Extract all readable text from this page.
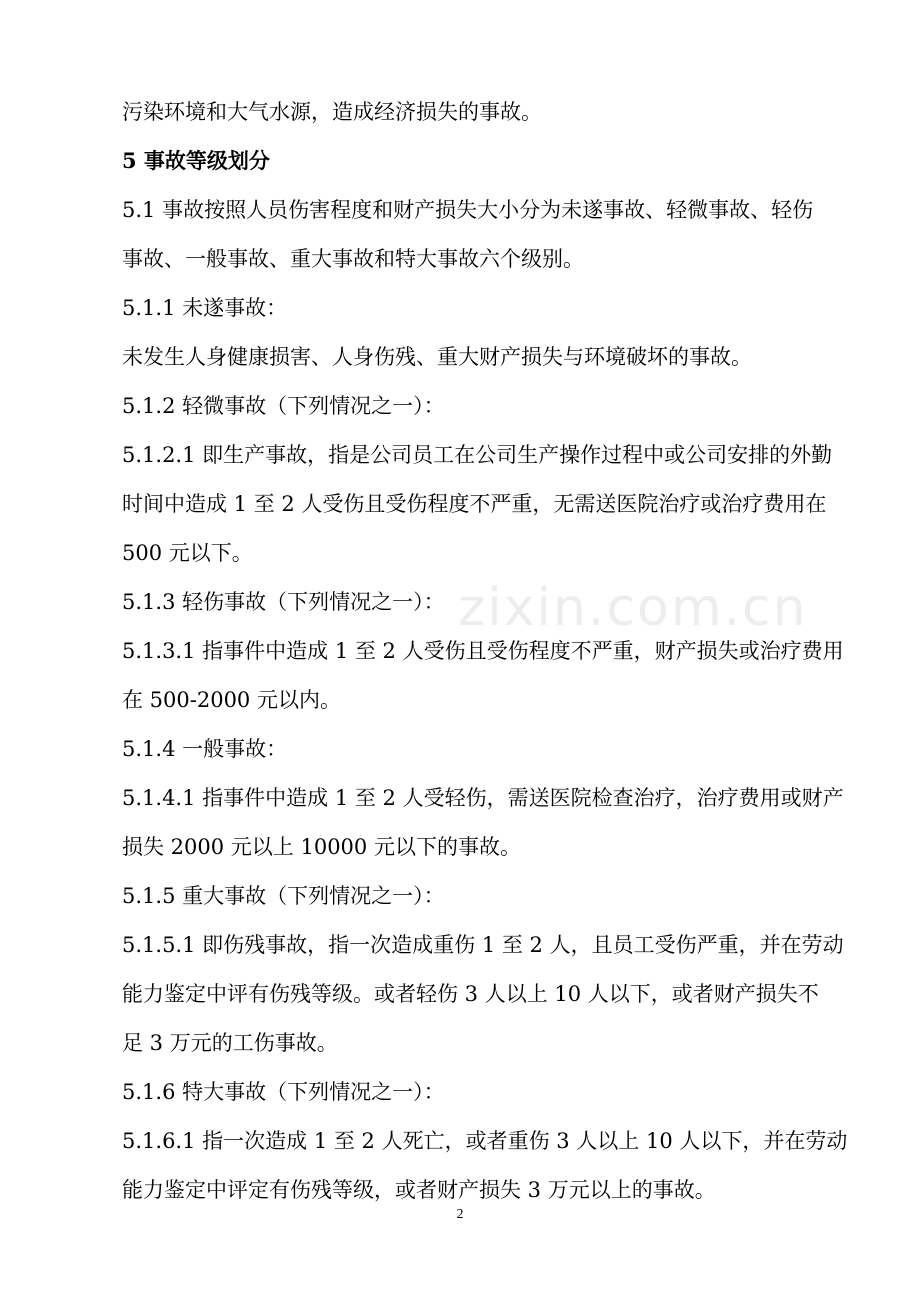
zixin.com.cn
污染环境和大气水源，造成经济损失的事故。
5 事故等级划分
5.1 事故按照人员伤害程度和财产损失大小分为未遂事故、轻微事故、轻伤
事故、一般事故、重大事故和特大事故六个级别。
5.1.1 未遂事故：
未发生人身健康损害、人身伤残、重大财产损失与环境破坏的事故。
5.1.2 轻微事故（下列情况之一）：
5.1.2.1 即生产事故，指是公司员工在公司生产操作过程中或公司安排的外勤
时间中造成 1 至 2 人受伤且受伤程度不严重，无需送医院治疗或治疗费用在
500 元以下。
5.1.3 轻伤事故（下列情况之一）：
5.1.3.1 指事件中造成 1 至 2 人受伤且受伤程度不严重，财产损失或治疗费用
在 500-2000 元以内。
5.1.4 一般事故：
5.1.4.1 指事件中造成 1 至 2 人受轻伤，需送医院检查治疗，治疗费用或财产
损失 2000 元以上 10000 元以下的事故。
5.1.5 重大事故（下列情况之一）：
5.1.5.1 即伤残事故，指一次造成重伤 1 至 2 人，且员工受伤严重，并在劳动
能力鉴定中评有伤残等级。或者轻伤 3 人以上 10 人以下，或者财产损失不
足 3 万元的工伤事故。
5.1.6 特大事故（下列情况之一）：
5.1.6.1 指一次造成 1 至 2 人死亡，或者重伤 3 人以上 10 人以下，并在劳动
能力鉴定中评定有伤残等级，或者财产损失 3 万元以上的事故。
2
